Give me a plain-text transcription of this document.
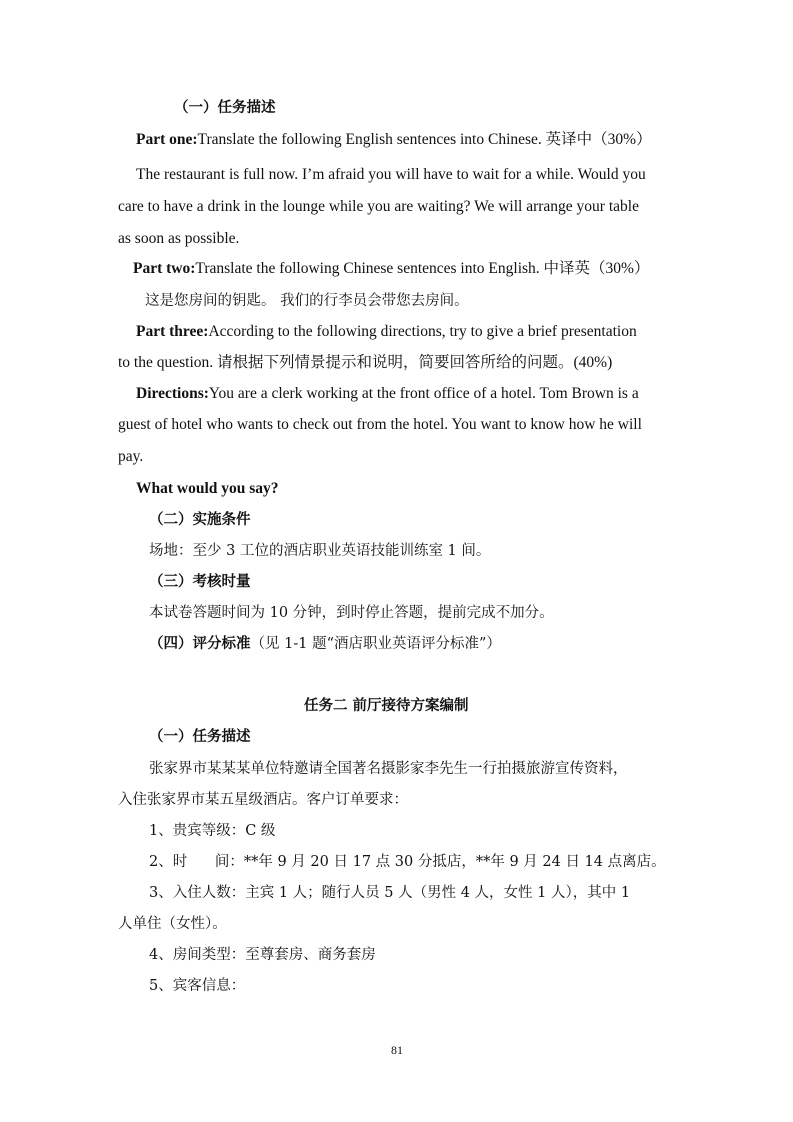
（一）任务描述
Part one:Translate the following English sentences into Chinese. 英译中（30%）
The restaurant is full now. I’m afraid you will have to wait for a while. Would you
care to have a drink in the lounge while you are waiting? We will arrange your table
as soon as possible.
Part two:Translate the following Chinese sentences into English. 中译英（30%）
这是您房间的钥匙。 我们的行李员会带您去房间。
Part three:According to the following directions, try to give a brief presentation
to the question. 请根据下列情景提示和说明，简要回答所给的问题。(40%)
Directions:You are a clerk working at the front office of a hotel. Tom Brown is a
guest of hotel who wants to check out from the hotel. You want to know how he will
pay.
What would you say?
（二）实施条件
场地：至少 3 工位的酒店职业英语技能训练室 1 间。
（三）考核时量
本试卷答题时间为 10 分钟，到时停止答题，提前完成不加分。
（四）评分标准（见 1-1 题“酒店职业英语评分标准”）
任务二 前厅接待方案编制
（一）任务描述
张家界市某某某单位特邀请全国著名摄影家李先生一行拍摄旅游宣传资料，
入住张家界市某五星级酒店。客户订单要求：
1、贵宾等级：C 级
2、时      间：**年 9 月 20 日 17 点 30 分抵店，**年 9 月 24 日 14 点离店。
3、入住人数：主宾 1 人；随行人员 5 人（男性 4 人，女性 1 人），其中 1
人单住（女性）。
4、房间类型：至尊套房、商务套房
5、宾客信息：
81
